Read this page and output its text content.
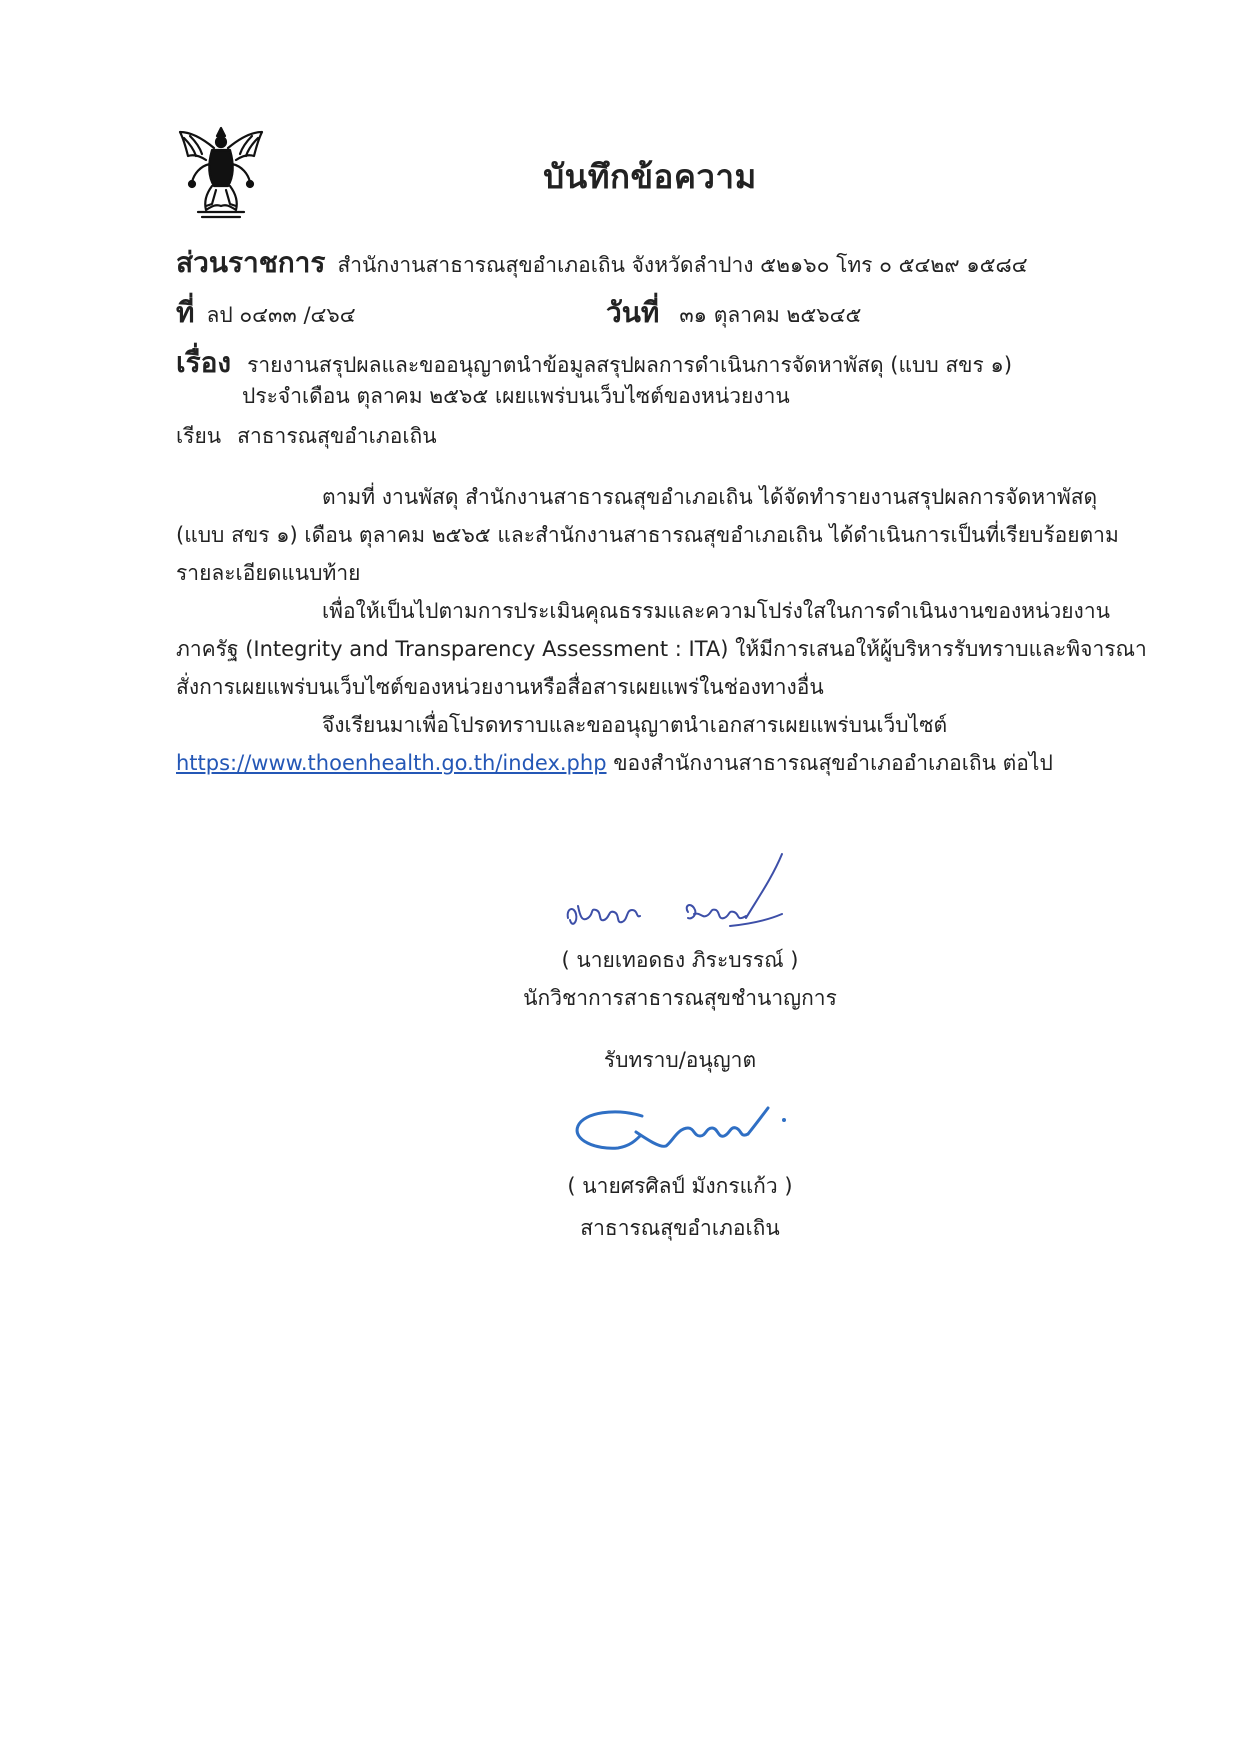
บันทึกข้อความ
ส่วนราชการ สำนักงานสาธารณสุขอำเภอเถิน จังหวัดลำปาง ๕๒๑๖๐ โทร ๐ ๕๔๒๙ ๑๕๘๔
ที่ ลป ๐๔๓๓ /๔๖๔	วันที่ ๓๑ ตุลาคม ๒๕๖๔๕
เรื่อง รายงานสรุปผลและขออนุญาตนำข้อมูลสรุปผลการดำเนินการจัดหาพัสดุ (แบบ สขร ๑)
ประจำเดือน ตุลาคม ๒๕๖๕ เผยแพร่บนเว็บไซต์ของหน่วยงาน
เรียน สาธารณสุขอำเภอเถิน
ตามที่ งานพัสดุ สำนักงานสาธารณสุขอำเภอเถิน ได้จัดทำรายงานสรุปผลการจัดหาพัสดุ
(แบบ สขร ๑) เดือน ตุลาคม ๒๕๖๕ และสำนักงานสาธารณสุขอำเภอเถิน ได้ดำเนินการเป็นที่เรียบร้อยตาม
รายละเอียดแนบท้าย
เพื่อให้เป็นไปตามการประเมินคุณธรรมและความโปร่งใสในการดำเนินงานของหน่วยงาน
ภาครัฐ (Integrity and Transparency Assessment : ITA) ให้มีการเสนอให้ผู้บริหารรับทราบและพิจารณา
สั่งการเผยแพร่บนเว็บไซต์ของหน่วยงานหรือสื่อสารเผยแพร่ในช่องทางอื่น
จึงเรียนมาเพื่อโปรดทราบและขออนุญาตนำเอกสารเผยแพร่บนเว็บไซต์
https://www.thoenhealth.go.th/index.php ของสำนักงานสาธารณสุขอำเภออำเภอเถิน ต่อไป
( นายเทอดธง ภิระบรรณ์ )
นักวิชาการสาธารณสุขชำนาญการ
รับทราบ/อนุญาต
( นายศรศิลป์ มังกรแก้ว )
สาธารณสุขอำเภอเถิน
